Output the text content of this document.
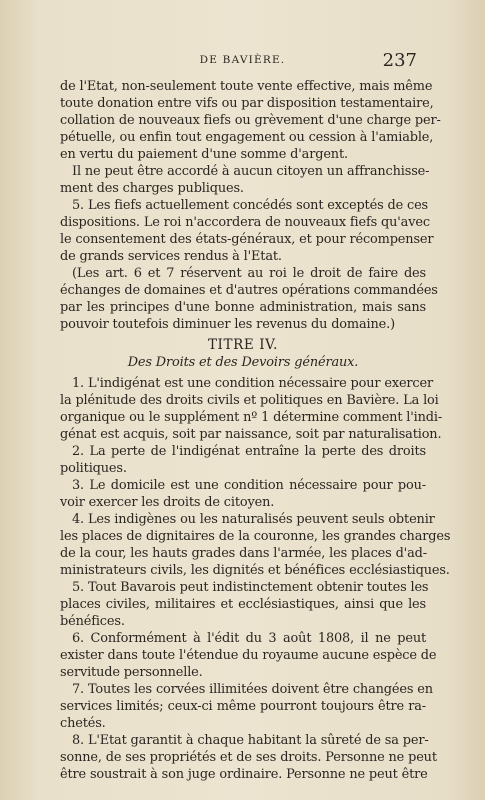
DE BAVIÈRE.	237
de l'Etat, non-seulement toute vente effective, mais même
toute donation entre vifs ou par disposition testamentaire,
collation de nouveaux fiefs ou grèvement d'une charge per-
pétuelle, ou enfin tout engagement ou cession à l'amiable,
en vertu du paiement d'une somme d'argent.
Il ne peut être accordé à aucun citoyen un affranchisse-
ment des charges publiques.
5. Les fiefs actuellement concédés sont exceptés de ces
dispositions. Le roi n'accordera de nouveaux fiefs qu'avec
le consentement des états-généraux, et pour récompenser
de grands services rendus à l'Etat.
(Les art. 6 et 7 réservent au roi le droit de faire des
échanges de domaines et d'autres opérations commandées
par les principes d'une bonne administration, mais sans
pouvoir toutefois diminuer les revenus du domaine.)
TITRE IV.
Des Droits et des Devoirs généraux.
1. L'indigénat est une condition nécessaire pour exercer
la plénitude des droits civils et politiques en Bavière. La loi
organique ou le supplément nº 1 détermine comment l'indi-
génat est acquis, soit par naissance, soit par naturalisation.
2. La perte de l'indigénat entraîne la perte des droits
politiques.
3. Le domicile est une condition nécessaire pour pou-
voir exercer les droits de citoyen.
4. Les indigènes ou les naturalisés peuvent seuls obtenir
les places de dignitaires de la couronne, les grandes charges
de la cour, les hauts grades dans l'armée, les places d'ad-
ministrateurs civils, les dignités et bénéfices ecclésiastiques.
5. Tout Bavarois peut indistinctement obtenir toutes les
places civiles, militaires et ecclésiastiques, ainsi que les
bénéfices.
6. Conformément à l'édit du 3 août 1808, il ne peut
exister dans toute l'étendue du royaume aucune espèce de
servitude personnelle.
7. Toutes les corvées illimitées doivent être changées en
services limités; ceux-ci même pourront toujours être ra-
chetés.
8. L'Etat garantit à chaque habitant la sûreté de sa per-
sonne, de ses propriétés et de ses droits. Personne ne peut
être soustrait à son juge ordinaire. Personne ne peut être
